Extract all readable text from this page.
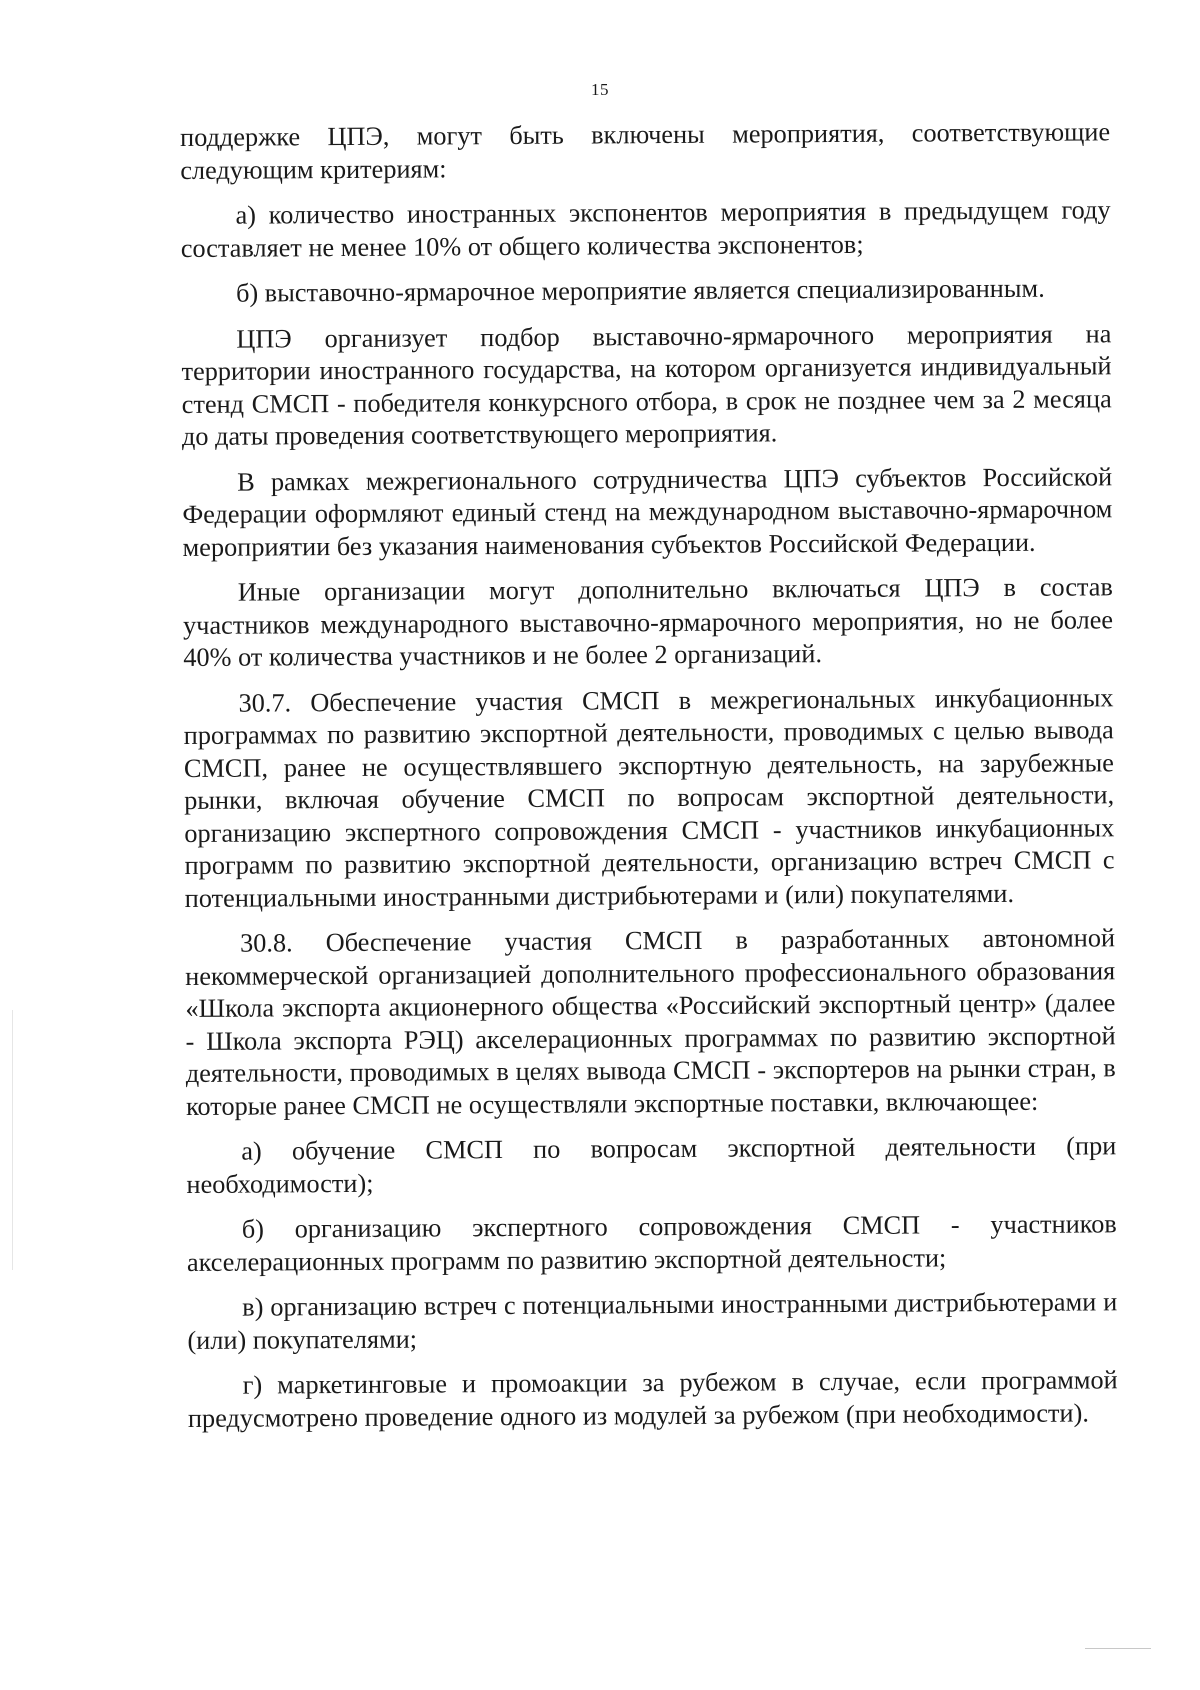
15

поддержке ЦПЭ, могут быть включены мероприятия, соответствующие следующим критериям:

а) количество иностранных экспонентов мероприятия в предыдущем году составляет не менее 10% от общего количества экспонентов;

б) выставочно-ярмарочное мероприятие является специализированным.

ЦПЭ организует подбор выставочно-ярмарочного мероприятия на территории иностранного государства, на котором организуется индивидуальный стенд СМСП - победителя конкурсного отбора, в срок не позднее чем за 2 месяца до даты проведения соответствующего мероприятия.

В рамках межрегионального сотрудничества ЦПЭ субъектов Российской Федерации оформляют единый стенд на международном выставочно-ярмарочном мероприятии без указания наименования субъектов Российской Федерации.

Иные организации могут дополнительно включаться ЦПЭ в состав участников международного выставочно-ярмарочного мероприятия, но не более 40% от количества участников и не более 2 организаций.

30.7. Обеспечение участия СМСП в межрегиональных инкубационных программах по развитию экспортной деятельности, проводимых с целью вывода СМСП, ранее не осуществлявшего экспортную деятельность, на зарубежные рынки, включая обучение СМСП по вопросам экспортной деятельности, организацию экспертного сопровождения СМСП - участников инкубационных программ по развитию экспортной деятельности, организацию встреч СМСП с потенциальными иностранными дистрибьютерами и (или) покупателями.

30.8. Обеспечение участия СМСП в разработанных автономной некоммерческой организацией дополнительного профессионального образования «Школа экспорта акционерного общества «Российский экспортный центр» (далее - Школа экспорта РЭЦ) акселерационных программах по развитию экспортной деятельности, проводимых в целях вывода СМСП - экспортеров на рынки стран, в которые ранее СМСП не осуществляли экспортные поставки, включающее:

а) обучение СМСП по вопросам экспортной деятельности (при необходимости);

б) организацию экспертного сопровождения СМСП - участников акселерационных программ по развитию экспортной деятельности;

в) организацию встреч с потенциальными иностранными дистрибьютерами и (или) покупателями;

г) маркетинговые и промоакции за рубежом в случае, если программой предусмотрено проведение одного из модулей за рубежом (при необходимости).
